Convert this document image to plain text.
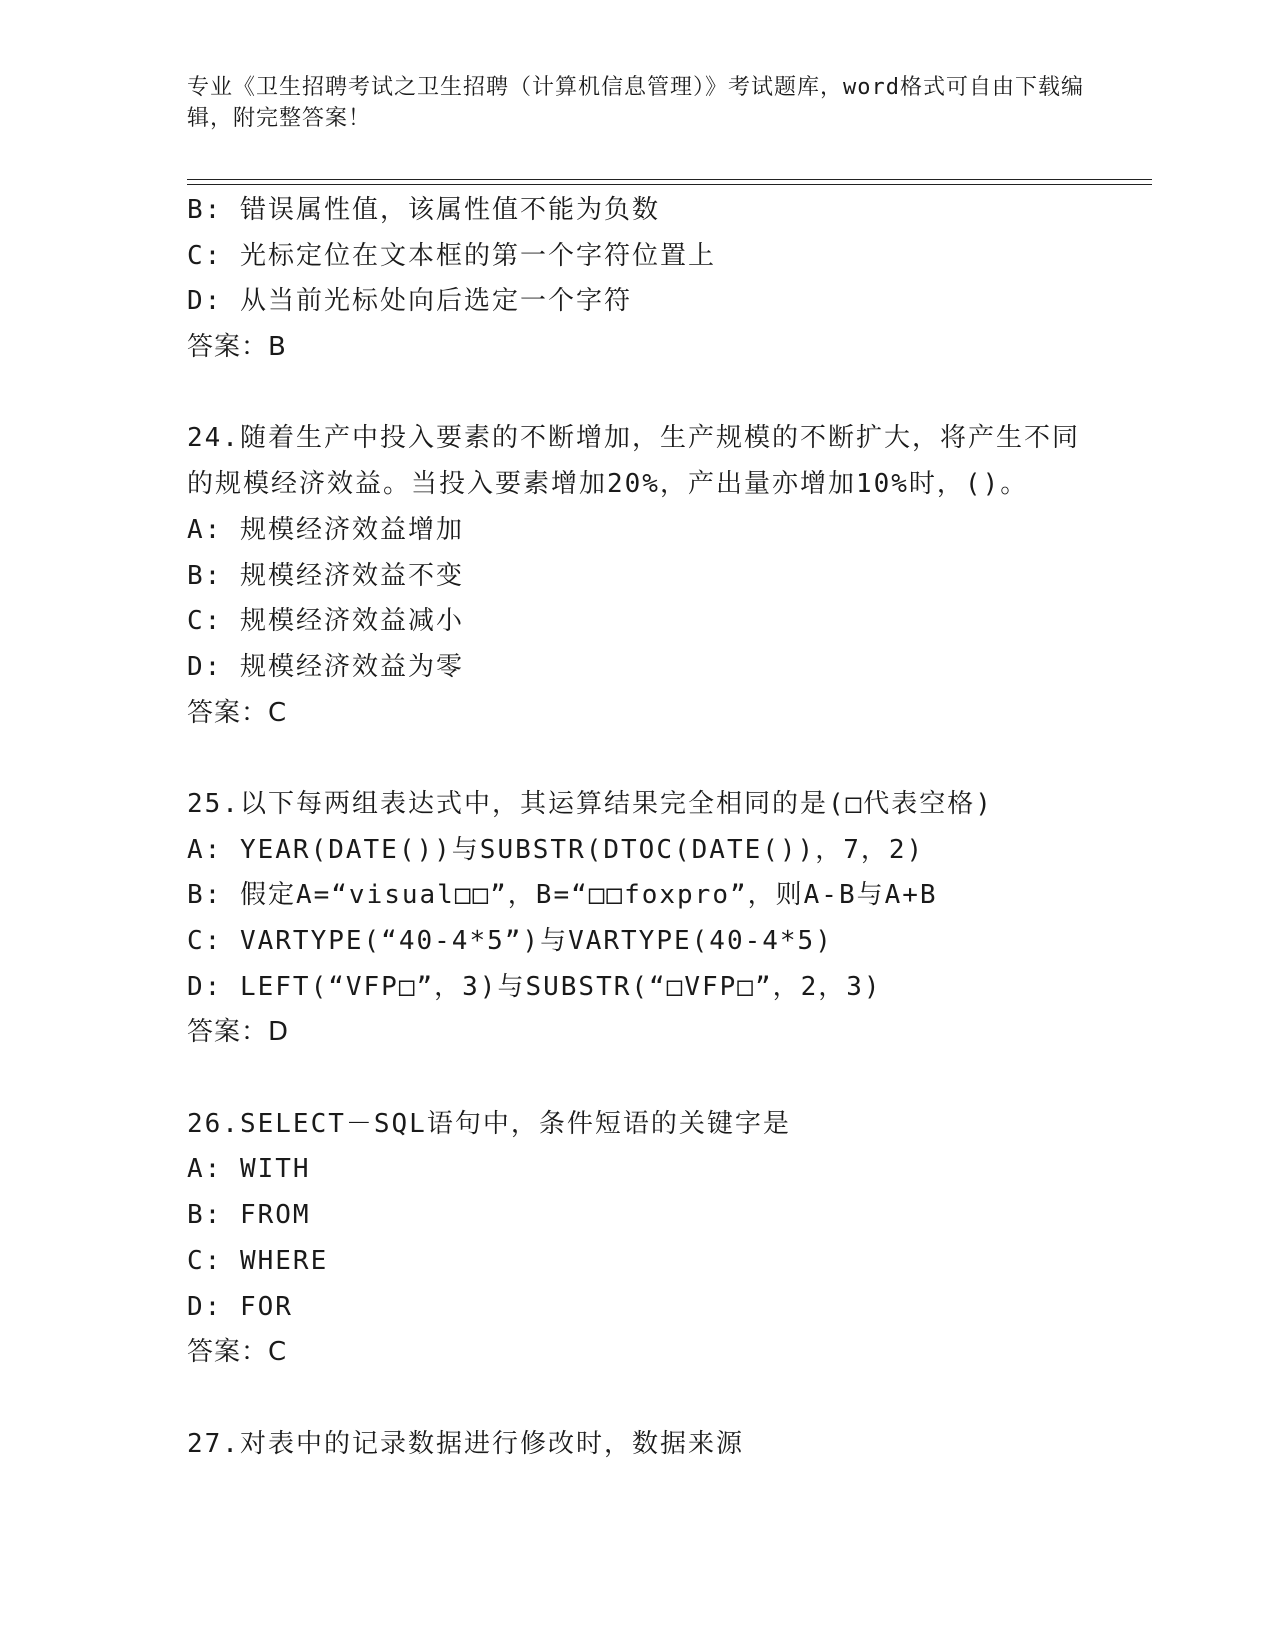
专业《卫生招聘考试之卫生招聘（计算机信息管理）》考试题库，word格式可自由下载编辑，附完整答案！
B: 错误属性值，该属性值不能为负数
C: 光标定位在文本框的第一个字符位置上
D: 从当前光标处向后选定一个字符
答案：B
24.随着生产中投入要素的不断增加，生产规模的不断扩大，将产生不同的规模经济效益。当投入要素增加20%，产出量亦增加10%时，()。
A: 规模经济效益增加
B: 规模经济效益不变
C: 规模经济效益减小
D: 规模经济效益为零
答案：C
25.以下每两组表达式中，其运算结果完全相同的是(□代表空格)
A: YEAR(DATE())与SUBSTR(DTOC(DATE())，7，2)
B: 假定A=“visual□□”，B=“□□foxpro”，则A-B与A+B
C: VARTYPE(“40-4*5”)与VARTYPE(40-4*5)
D: LEFT(“VFP□”，3)与SUBSTR(“□VFP□”，2，3)
答案：D
26.SELECT－SQL语句中，条件短语的关键字是
A: WITH
B: FROM
C: WHERE
D: FOR
答案：C
27.对表中的记录数据进行修改时，数据来源
